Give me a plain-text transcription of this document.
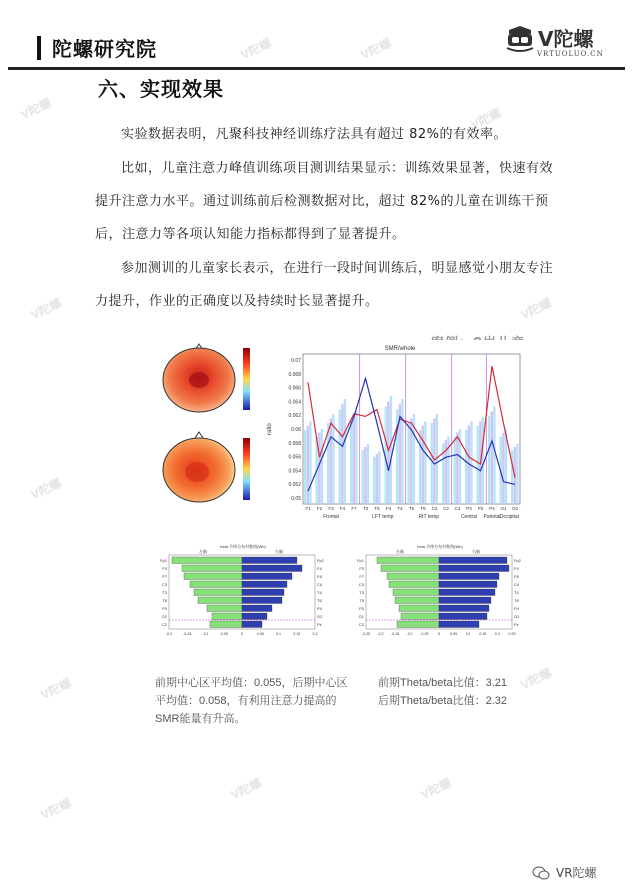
V陀螺
V陀螺	V陀螺
V陀螺
V陀螺	V陀螺
V陀螺
V陀螺
V陀螺	V陀螺
V陀螺
V陀螺
陀螺研究院	V陀螺
VRTUOLUO.CN
六、实现效果
实验数据表明，凡聚科技神经训练疗法具有超过 82%的有效率。
比如，儿童注意力峰值训练项目测训结果显示：训练效果显著，快速有效提升注意力水平。通过训练前后检测数据对比，超过 82%的儿童在训练干预后，注意力等各项认知能力指标都得到了显著提升。
参加测训的儿童家长表示，在进行一段时间训练后，明显感觉小朋友专注力提升，作业的正确度以及持续时长显著提升。
SMR/whole
ratio
0.07
0.068
0.066
0.064
0.062
0.06
0.058
0.056
0.054
0.052
0.05
Frontal	LFT temp	RtT temp	Central Parietal Occipital
F1 F2 F3 F4 F7 T3 T5 F4 T4 T6 T8 C3 C2 C4 P3 P2 P4 O1 O2
beta 节律分布对称图(Wh)
左脑	右脑
Fp1	Fp2
F3	F4
F7	F8
C3	C4
T3	T4
T5	T6
P3	P4
O1	O2
C2	Pz
-0.2	-0.15	-0.1	-0.05	0	0.05	0.1	0.15	0.2
beta 节律分布对称图(Wh)
左脑	右脑
Fp1	Fp2
F3	F4
F7	F8
C3	C4
T3	T4
T5	T6
P3	P4
O1	O2
C2	Pz
-0.25 -0.2 -0.15 -0.1 -0.05	0	0.05 0.1 0.15 0.2 0.25
前期中心区平均值：0.055，后期中心区
平均值：0.058，有利用注意力提高的
SMR能量有升高。
前期Theta/beta比值：3.21
后期Theta/beta比值：2.32
VR陀螺
